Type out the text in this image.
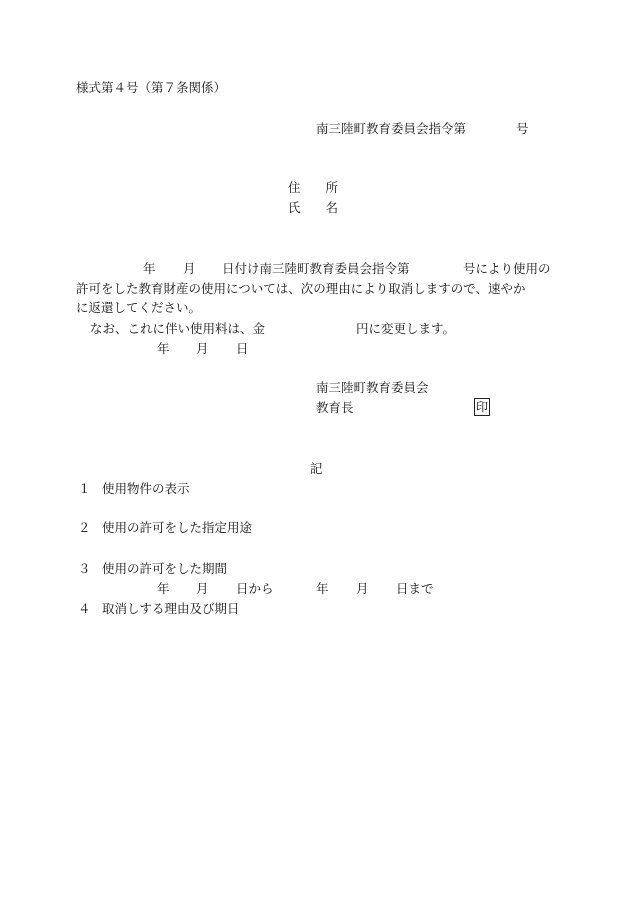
様式第４号（第７条関係）
南三陸町教育委員会指令第	号
住　　所
氏　　名
年 月 日付け南三陸町教育委員会指令第	号により使用の
許可をした教育財産の使用については、次の理由により取消しますので、速やか
に返還してください。
なお、これに伴い使用料は、金	円に変更します。
年 月 日
南三陸町教育委員会
教育長	印
記
１ 使用物件の表示
２ 使用の許可をした指定用途
３ 使用の許可をした期間
年 月 日から	年 月 日まで
４ 取消しする理由及び期日
